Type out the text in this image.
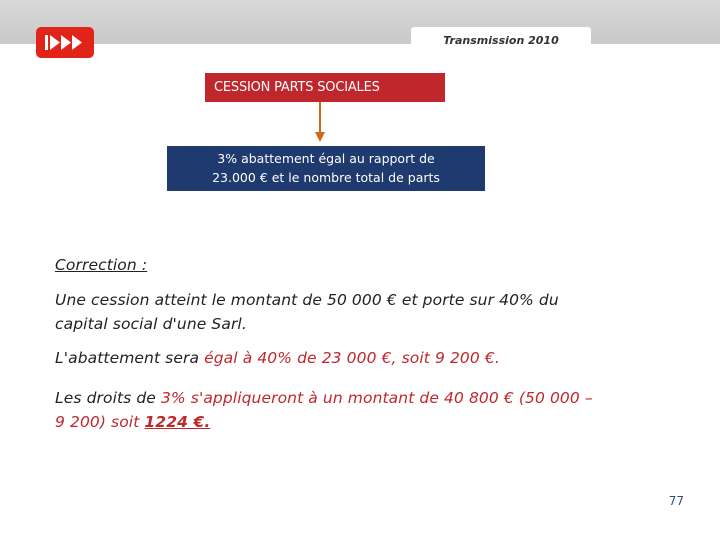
Transmission 2010
CESSION PARTS SOCIALES
3% abattement égal au rapport de
23.000 € et le nombre total de parts
Correction :
Une cession atteint le montant de 50 000 € et porte sur 40% du
capital social d'une Sarl.
L'abattement sera égal à 40% de 23 000 €, soit 9 200 €.
Les droits de 3% s'appliqueront à un montant de 40 800 € (50 000 –
9 200) soit 1224 €.
77
